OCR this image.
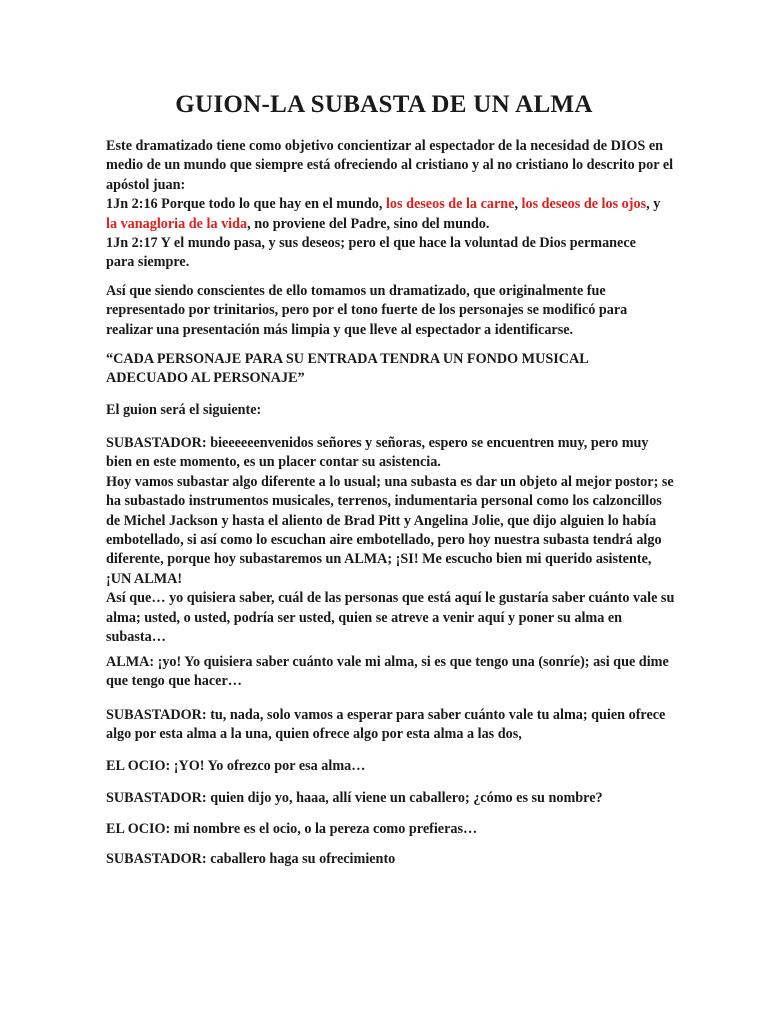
GUION-LA SUBASTA DE UN ALMA

Este dramatizado tiene como objetivo concientizar al espectador de la necesidad de DIOS en
medio de un mundo que siempre está ofreciendo al cristiano y al no cristiano lo descrito por el
apóstol juan:
1Jn 2:16 Porque todo lo que hay en el mundo, los deseos de la carne, los deseos de los ojos, y
la vanagloria de la vida, no proviene del Padre, sino del mundo.
1Jn 2:17 Y el mundo pasa, y sus deseos; pero el que hace la voluntad de Dios permanece
para siempre.

Así que siendo conscientes de ello tomamos un dramatizado, que originalmente fue
representado por trinitarios, pero por el tono fuerte de los personajes se modificó para
realizar una presentación más limpia y que lleve al espectador a identificarse.

“CADA PERSONAJE PARA SU ENTRADA TENDRA UN FONDO MUSICAL
ADECUADO AL PERSONAJE”

El guion será el siguiente:

SUBASTADOR: bieeeeeenvenidos señores y señoras, espero se encuentren muy, pero muy
bien en este momento, es un placer contar su asistencia.
Hoy vamos subastar algo diferente a lo usual; una subasta es dar un objeto al mejor postor; se
ha subastado instrumentos musicales, terrenos, indumentaria personal como los calzoncillos
de Michel Jackson y hasta el aliento de Brad Pitt y Angelina Jolie, que dijo alguien lo había
embotellado, si así como lo escuchan aire embotellado, pero hoy nuestra subasta tendrá algo
diferente, porque hoy subastaremos un ALMA; ¡SI! Me escucho bien mi querido asistente,
¡UN ALMA!
Así que… yo quisiera saber, cuál de las personas que está aquí le gustaría saber cuánto vale su
alma; usted, o usted, podría ser usted, quien se atreve a venir aquí y poner su alma en
subasta…

ALMA: ¡yo! Yo quisiera saber cuánto vale mi alma, si es que tengo una (sonríe); asi que dime
que tengo que hacer…

SUBASTADOR: tu, nada, solo vamos a esperar para saber cuánto vale tu alma; quien ofrece
algo por esta alma a la una, quien ofrece algo por esta alma a las dos,

EL OCIO: ¡YO! Yo ofrezco por esa alma…

SUBASTADOR: quien dijo yo, haaa, allí viene un caballero; ¿cómo es su nombre?

EL OCIO: mi nombre es el ocio, o la pereza como prefieras…

SUBASTADOR: caballero haga su ofrecimiento
